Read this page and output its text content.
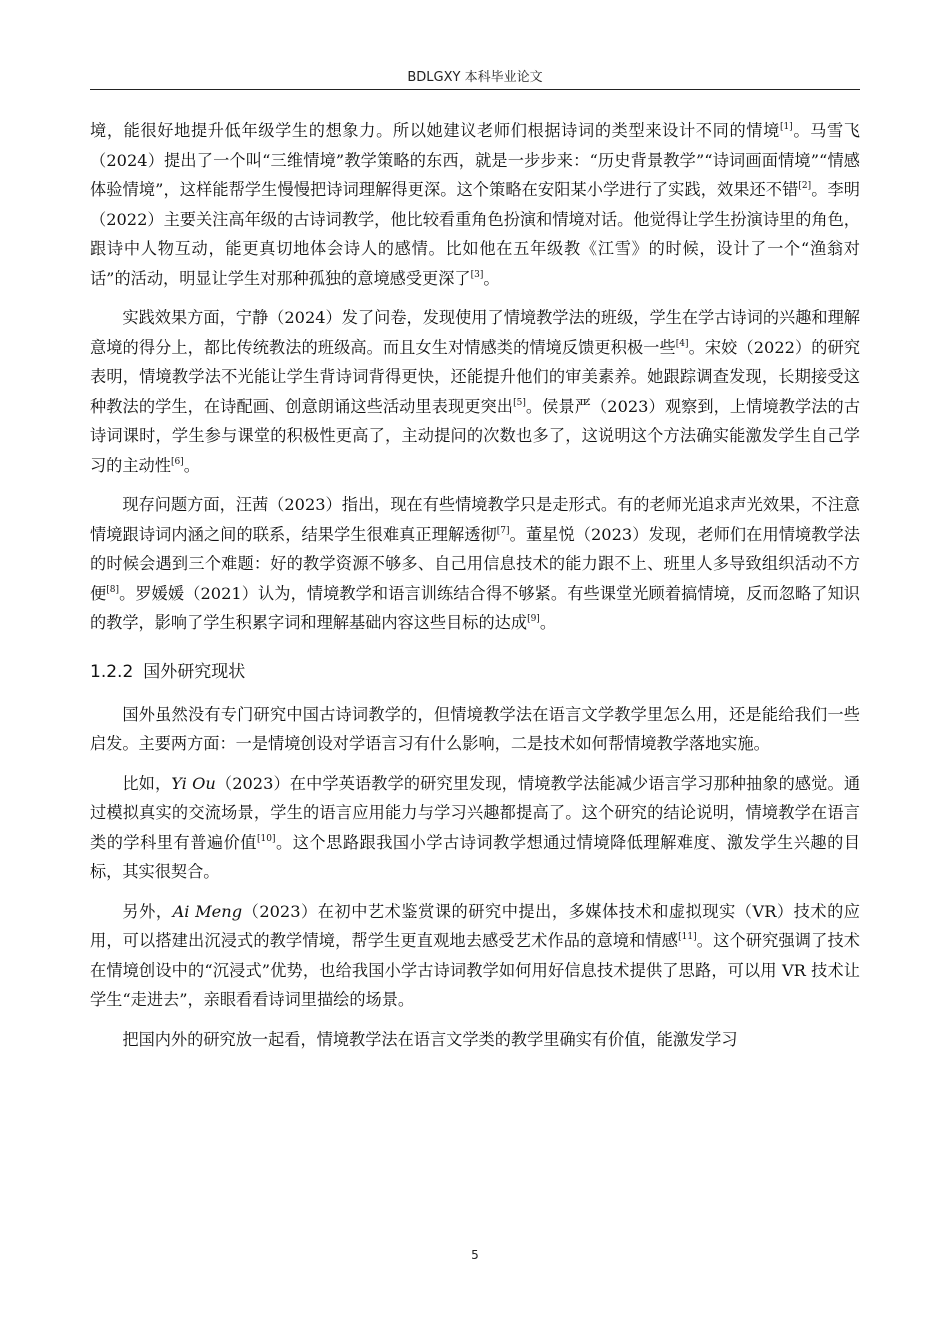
BDLGXY 本科毕业论文

境，能很好地提升低年级学生的想象力。所以她建议老师们根据诗词的类型来设计不同的情境[1]。马雪飞（2024）提出了一个叫“三维情境”教学策略的东西，就是一步步来：“历史背景教学”“诗词画面情境”“情感体验情境”，这样能帮学生慢慢把诗词理解得更深。这个策略在安阳某小学进行了实践，效果还不错[2]。李明（2022）主要关注高年级的古诗词教学，他比较看重角色扮演和情境对话。他觉得让学生扮演诗里的角色，跟诗中人物互动，能更真切地体会诗人的感情。比如他在五年级教《江雪》的时候，设计了一个“渔翁对话”的活动，明显让学生对那种孤独的意境感受更深了[3]。

实践效果方面，宁静（2024）发了问卷，发现使用了情境教学法的班级，学生在学古诗词的兴趣和理解意境的得分上，都比传统教法的班级高。而且女生对情感类的情境反馈更积极一些[4]。宋姣（2022）的研究表明，情境教学法不光能让学生背诗词背得更快，还能提升他们的审美素养。她跟踪调查发现，长期接受这种教法的学生，在诗配画、创意朗诵这些活动里表现更突出[5]。侯景严（2023）观察到，上情境教学法的古诗词课时，学生参与课堂的积极性更高了，主动提问的次数也多了，这说明这个方法确实能激发学生自己学习的主动性[6]。

现存问题方面，汪茜（2023）指出，现在有些情境教学只是走形式。有的老师光追求声光效果，不注意情境跟诗词内涵之间的联系，结果学生很难真正理解透彻[7]。董星悦（2023）发现，老师们在用情境教学法的时候会遇到三个难题：好的教学资源不够多、自己用信息技术的能力跟不上、班里人多导致组织活动不方便[8]。罗媛媛（2021）认为，情境教学和语言训练结合得不够紧。有些课堂光顾着搞情境，反而忽略了知识的教学，影响了学生积累字词和理解基础内容这些目标的达成[9]。

1.2.2 国外研究现状

国外虽然没有专门研究中国古诗词教学的，但情境教学法在语言文学教学里怎么用，还是能给我们一些启发。主要两方面：一是情境创设对学语言习有什么影响，二是技术如何帮情境教学落地实施。

比如，Yi Ou（2023）在中学英语教学的研究里发现，情境教学法能减少语言学习那种抽象的感觉。通过模拟真实的交流场景，学生的语言应用能力与学习兴趣都提高了。这个研究的结论说明，情境教学在语言类的学科里有普遍价值[10]。这个思路跟我国小学古诗词教学想通过情境降低理解难度、激发学生兴趣的目标，其实很契合。

另外，Ai Meng（2023）在初中艺术鉴赏课的研究中提出，多媒体技术和虚拟现实（VR）技术的应用，可以搭建出沉浸式的教学情境，帮学生更直观地去感受艺术作品的意境和情感[11]。这个研究强调了技术在情境创设中的“沉浸式”优势，也给我国小学古诗词教学如何用好信息技术提供了思路，可以用 VR 技术让学生“走进去”，亲眼看看诗词里描绘的场景。

把国内外的研究放一起看，情境教学法在语言文学类的教学里确实有价值，能激发学习

5
